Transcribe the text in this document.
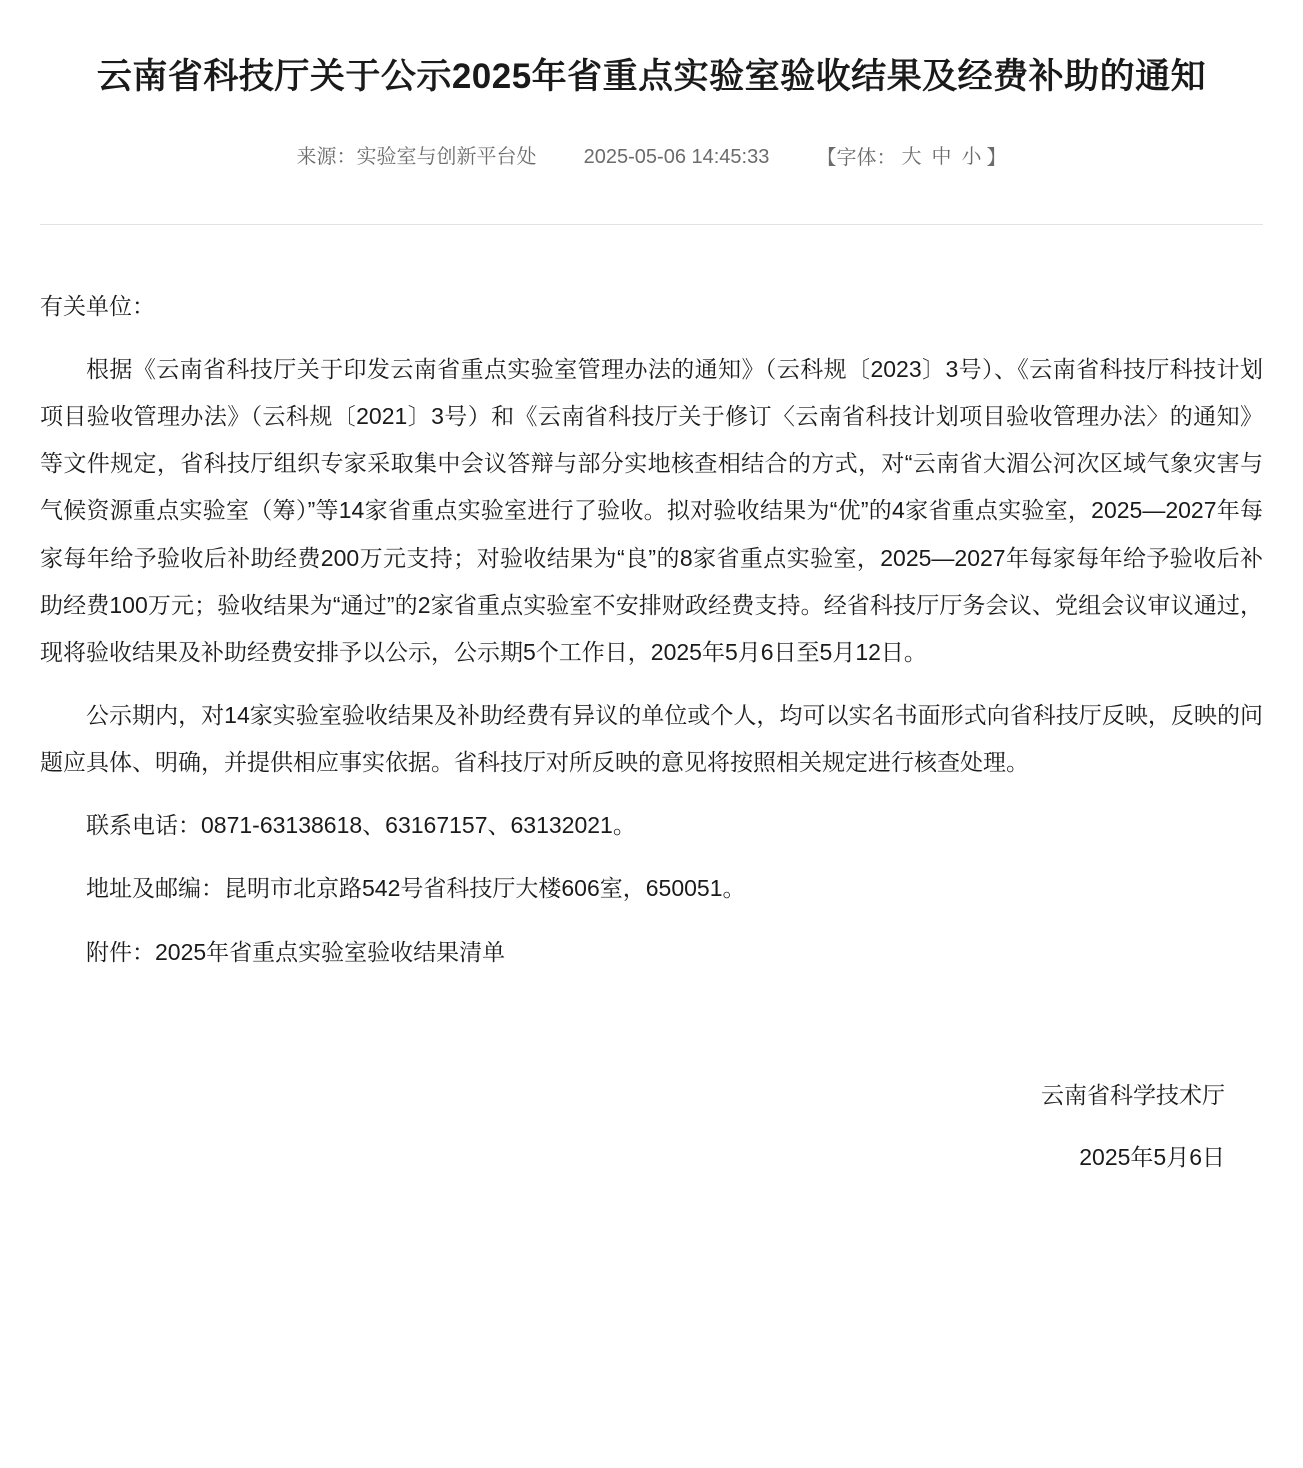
云南省科技厅关于公示2025年省重点实验室验收结果及经费补助的通知
来源：实验室与创新平台处 2025-05-06 14:45:33 【字体： 大 中 小 】

有关单位：

根据《云南省科技厅关于印发云南省重点实验室管理办法的通知》（云科规〔2023〕3号）、《云南省科技厅科技计划项目验收管理办法》（云科规〔2021〕3号）和《云南省科技厅关于修订〈云南省科技计划项目验收管理办法〉的通知》等文件规定，省科技厅组织专家采取集中会议答辩与部分实地核查相结合的方式，对“云南省大湄公河次区域气象灾害与气候资源重点实验室（筹）”等14家省重点实验室进行了验收。拟对验收结果为“优”的4家省重点实验室，2025—2027年每家每年给予验收后补助经费200万元支持；对验收结果为“良”的8家省重点实验室，2025—2027年每家每年给予验收后补助经费100万元；验收结果为“通过”的2家省重点实验室不安排财政经费支持。经省科技厅厅务会议、党组会议审议通过，现将验收结果及补助经费安排予以公示，公示期5个工作日，2025年5月6日至5月12日。

公示期内，对14家实验室验收结果及补助经费有异议的单位或个人，均可以实名书面形式向省科技厅反映，反映的问题应具体、明确，并提供相应事实依据。省科技厅对所反映的意见将按照相关规定进行核查处理。

联系电话：0871-63138618、63167157、63132021。

地址及邮编：昆明市北京路542号省科技厅大楼606室，650051。

附件：2025年省重点实验室验收结果清单

云南省科学技术厅
2025年5月6日
